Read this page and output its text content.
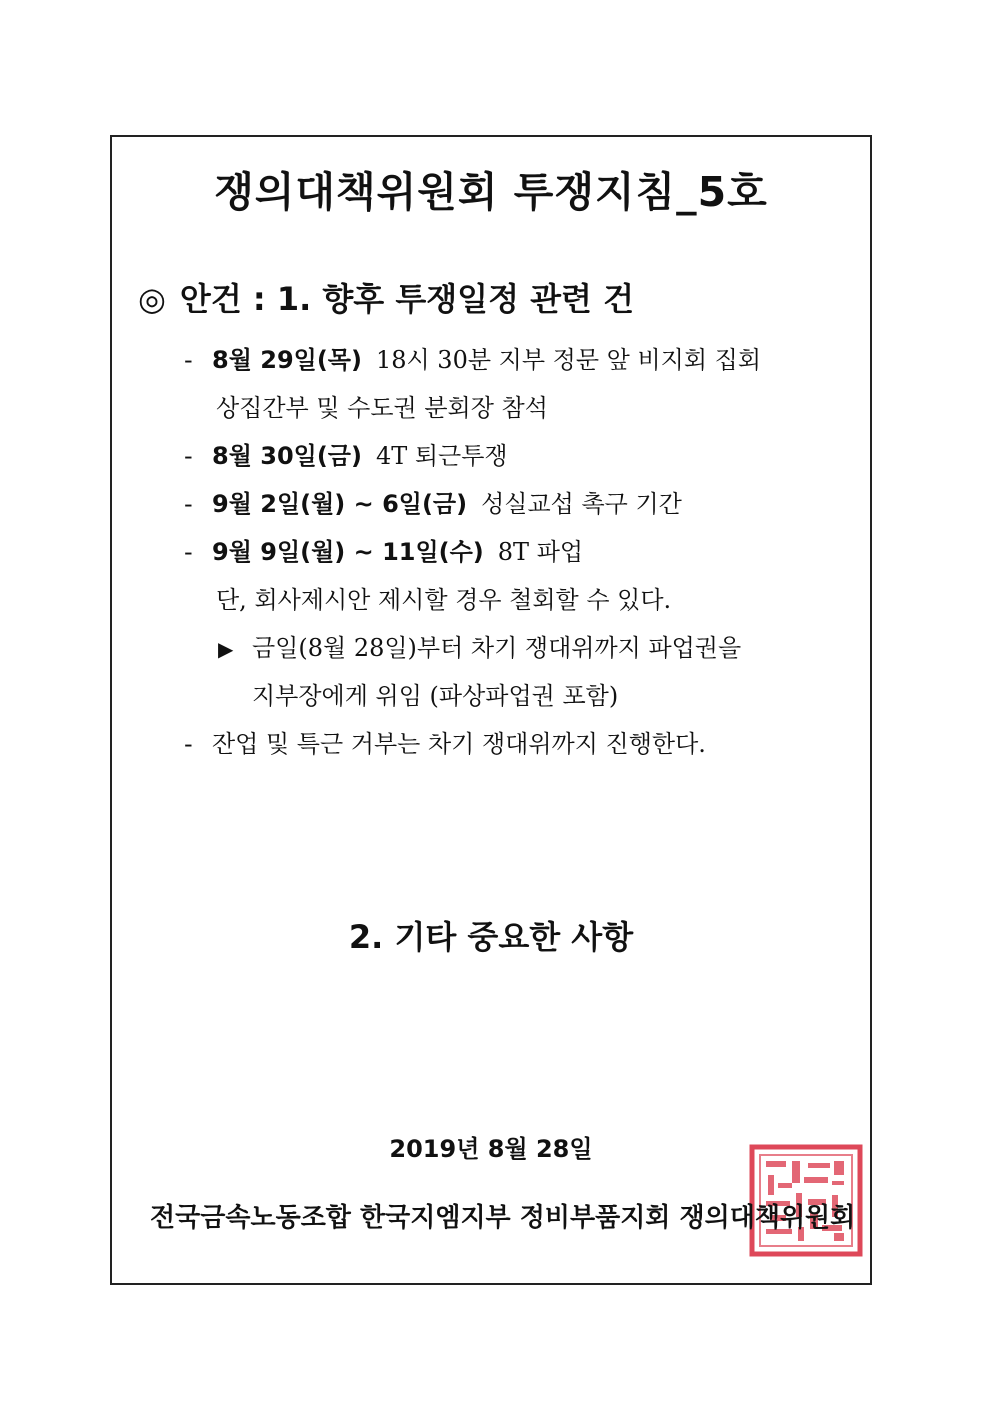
쟁의대책위원회 투쟁지침_5호
◎ 안건 : 1. 향후 투쟁일정 관련 건
- 8월 29일(목) 18시 30분 지부 정문 앞 비지회 집회
상집간부 및 수도권 분회장 참석
- 8월 30일(금) 4T 퇴근투쟁
- 9월 2일(월) ~ 6일(금) 성실교섭 촉구 기간
- 9월 9일(월) ~ 11일(수) 8T 파업
단, 회사제시안 제시할 경우 철회할 수 있다.
▶ 금일(8월 28일)부터 차기 쟁대위까지 파업권을
지부장에게 위임 (파상파업권 포함)
- 잔업 및 특근 거부는 차기 쟁대위까지 진행한다.
2. 기타 중요한 사항
2019년 8월 28일
전국금속노동조합 한국지엠지부 정비부품지회 쟁의대책위원회
